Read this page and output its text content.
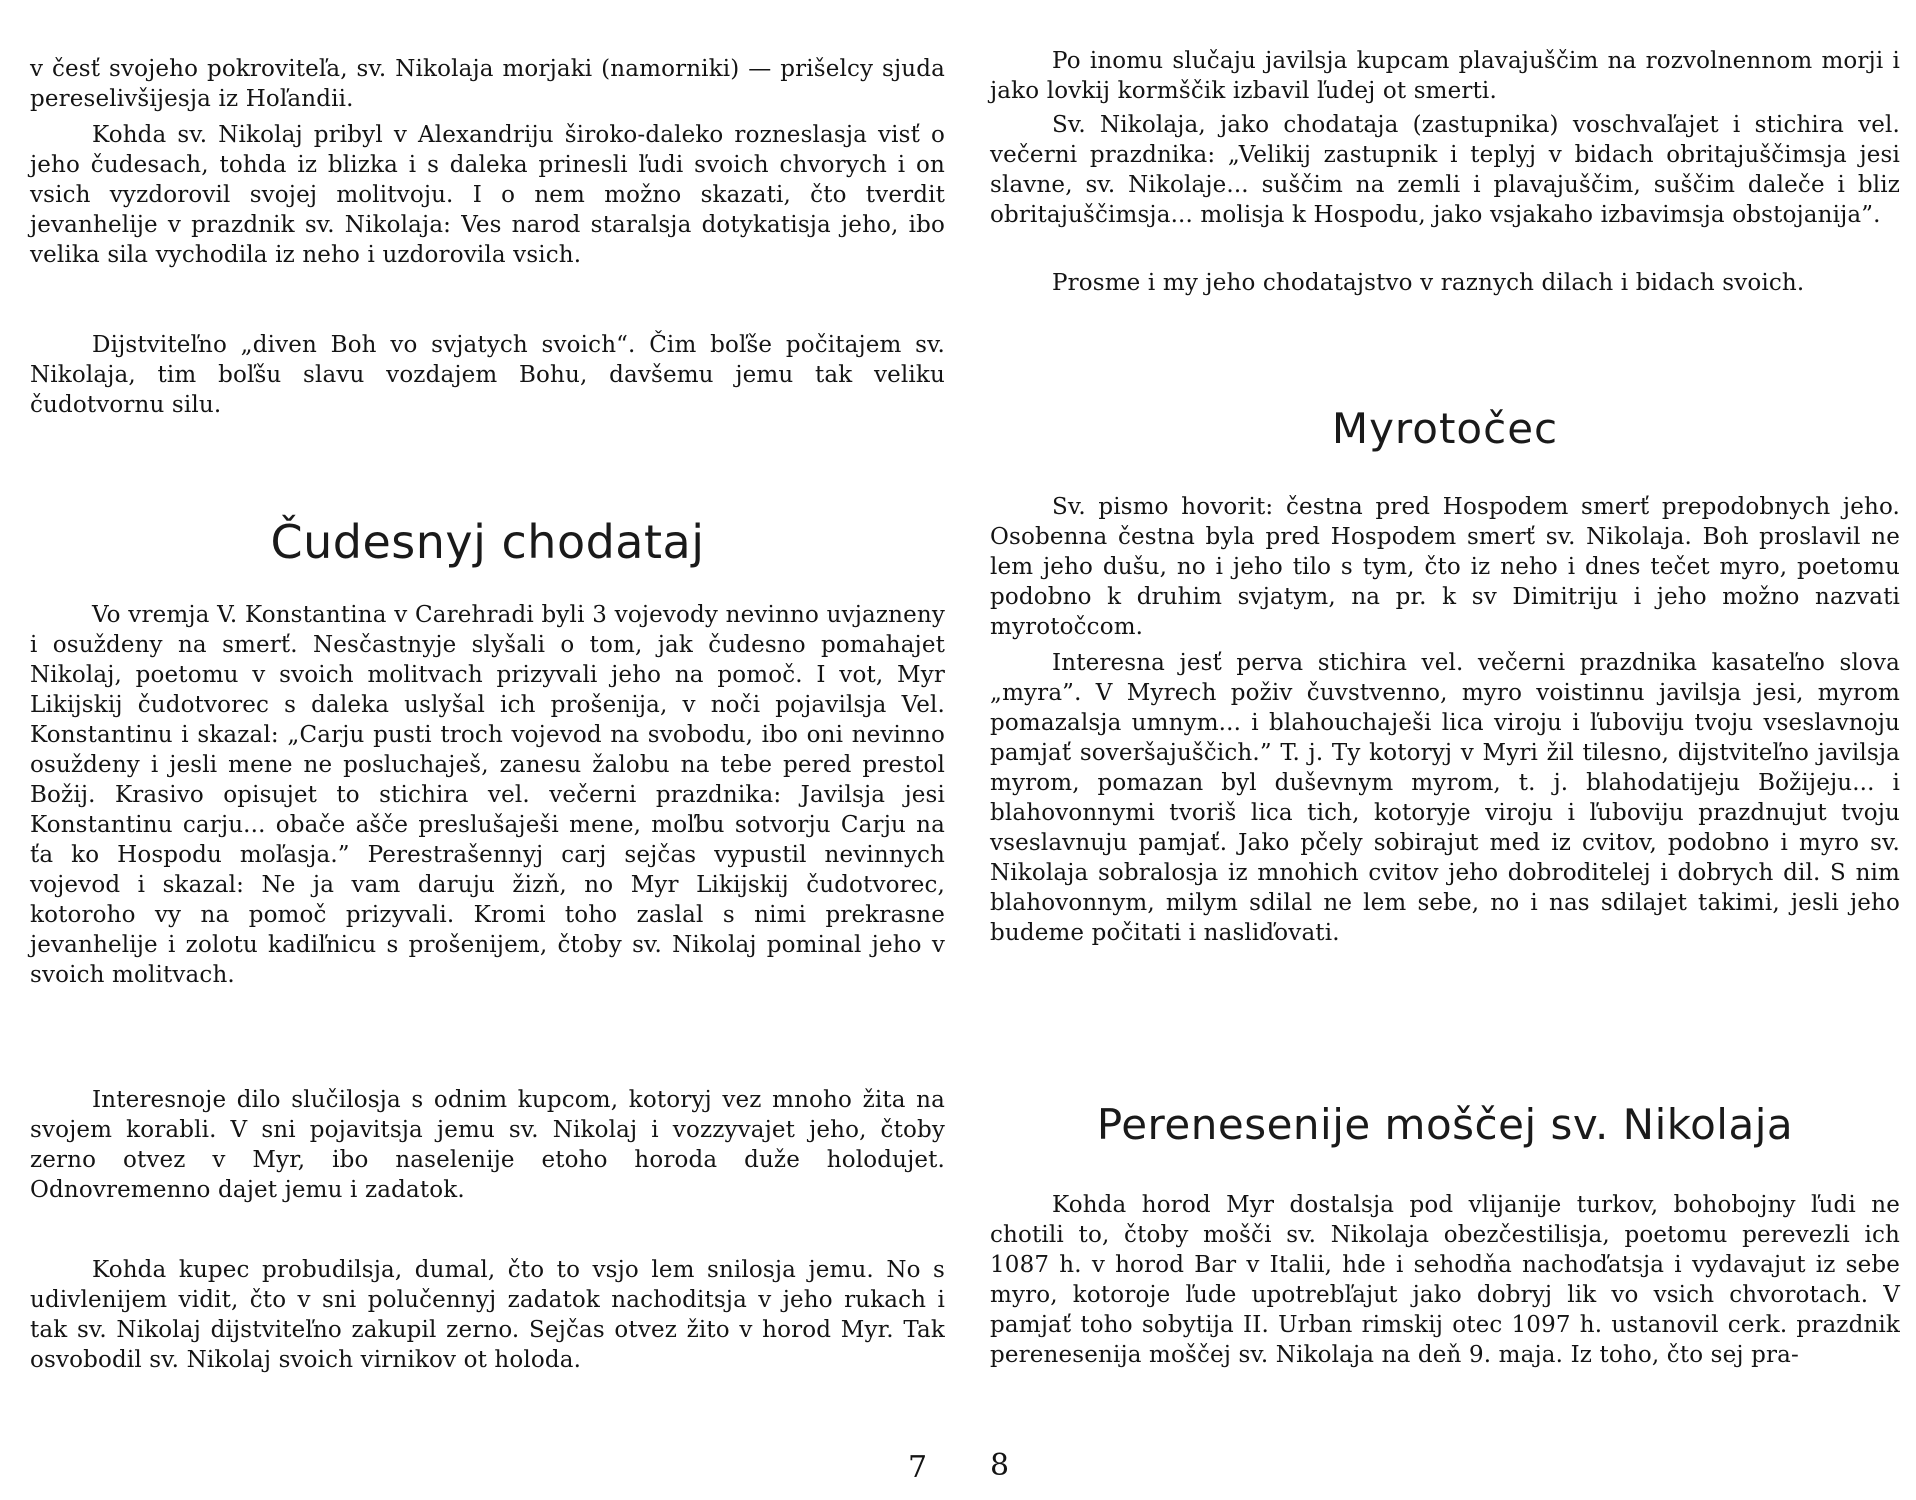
v česť svojeho pokroviteľa, sv. Nikolaja morjaki (namorniki) — prišelcy sjuda pereselivšijesja iz Hoľandii.

Kohda sv. Nikolaj pribyl v Alexandriju široko-daleko rozneslasja visť o jeho čudesach, tohda iz blizka i s daleka prinesli ľudi svoich chvorych i on vsich vyzdorovil svojej molitvoju. I o nem možno skazati, čto tverdit jevanhelije v prazdnik sv. Nikolaja: Ves narod staralsja dotykatisja jeho, ibo velika sila vychodila iz neho i uzdorovila vsich.

Dijstviteľno „diven Boh vo svjatych svoich“. Čim boľše počitajem sv. Nikolaja, tim boľšu slavu vozdajem Bohu, davšemu jemu tak veliku čudotvornu silu.

Čudesnyj chodataj

Vo vremja V. Konstantina v Carehradi byli 3 vojevody nevinno uvjazneny i osuždeny na smerť. Nesčastnyje slyšali o tom, jak čudesno pomahajet Nikolaj, poetomu v svoich molitvach prizyvali jeho na pomoč. I vot, Myr Likijskij čudotvorec s daleka uslyšal ich prošenija, v noči pojavilsja Vel. Konstantinu i skazal: „Carju pusti troch vojevod na svobodu, ibo oni nevinno osuždeny i jesli mene ne posluchaješ, zanesu žalobu na tebe pered prestol Božij. Krasivo opisujet to stichira vel. večerni prazdnika: Javilsja jesi Konstantinu carju... obače ašče preslušaješi mene, moľbu sotvorju Carju na ťa ko Hospodu moľasja.” Perestrašennyj carj sejčas vypustil nevinnych vojevod i skazal: Ne ja vam daruju žizň, no Myr Likijskij čudotvorec, kotoroho vy na pomoč prizyvali. Kromi toho zaslal s nimi prekrasne jevanhelije i zolotu kadiľnicu s prošenijem, čtoby sv. Nikolaj pominal jeho v svoich molitvach.

Interesnoje dilo slučilosja s odnim kupcom, kotoryj vez mnoho žita na svojem korabli. V sni pojavitsja jemu sv. Nikolaj i vozzyvajet jeho, čtoby zerno otvez v Myr, ibo naselenije etoho horoda duže holodujet. Odnovremenno dajet jemu i zadatok.

Kohda kupec probudilsja, dumal, čto to vsjo lem snilosja jemu. No s udivlenijem vidit, čto v sni polučennyj zadatok nachoditsja v jeho rukach i tak sv. Nikolaj dijstviteľno zakupil zerno. Sejčas otvez žito v horod Myr. Tak osvobodil sv. Nikolaj svoich virnikov ot holoda.

7

Po inomu slučaju javilsja kupcam plavajuščim na rozvolnennom morji i jako lovkij kormščik izbavil ľudej ot smerti.

Sv. Nikolaja, jako chodataja (zastupnika) voschvaľajet i stichira vel. večerni prazdnika: „Velikij zastupnik i teplyj v bidach obritajuščimsja jesi slavne, sv. Nikolaje... suščim na zemli i plavajuščim, suščim daleče i bliz obritajuščimsja... molisja k Hospodu, jako vsjakaho izbavimsja obstojanija”.

Prosme i my jeho chodatajstvo v raznych dilach i bidach svoich.

Myrotočec

Sv. pismo hovorit: čestna pred Hospodem smerť prepodobnych jeho. Osobenna čestna byla pred Hospodem smerť sv. Nikolaja. Boh proslavil ne lem jeho dušu, no i jeho tilo s tym, čto iz neho i dnes tečet myro, poetomu podobno k druhim svjatym, na pr. k sv Dimitriju i jeho možno nazvati myrotočcom.

Interesna jesť perva stichira vel. večerni prazdnika kasateľno slova „myra”. V Myrech poživ čuvstvenno, myro voistinnu javilsja jesi, myrom pomazalsja umnym... i blahouchaješi lica viroju i ľuboviju tvoju vseslavnoju pamjať soveršajuščich.” T. j. Ty kotoryj v Myri žil tilesno, dijstviteľno javilsja myrom, pomazan byl duševnym myrom, t. j. blahodatijeju Božijeju... i blahovonnymi tvoriš lica tich, kotoryje viroju i ľuboviju prazdnujut tvoju vseslavnuju pamjať. Jako pčely sobirajut med iz cvitov, podobno i myro sv. Nikolaja sobralosja iz mnohich cvitov jeho dobroditelej i dobrych dil. S nim blahovonnym, milym sdilal ne lem sebe, no i nas sdilajet takimi, jesli jeho budeme počitati i nasliďovati.

Perenesenije moščej sv. Nikolaja

Kohda horod Myr dostalsja pod vlijanije turkov, bohobojny ľudi ne chotili to, čtoby mošči sv. Nikolaja obezčestilisja, poetomu perevezli ich 1087 h. v horod Bar v Italii, hde i sehodňa nachoďatsja i vydavajut iz sebe myro, kotoroje ľude upotrebľajut jako dobryj lik vo vsich chvorotach. V pamjať toho sobytija II. Urban rimskij otec 1097 h. ustanovil cerk. prazdnik perenesenija moščej sv. Nikolaja na deň 9. maja. Iz toho, čto sej pra-

8
